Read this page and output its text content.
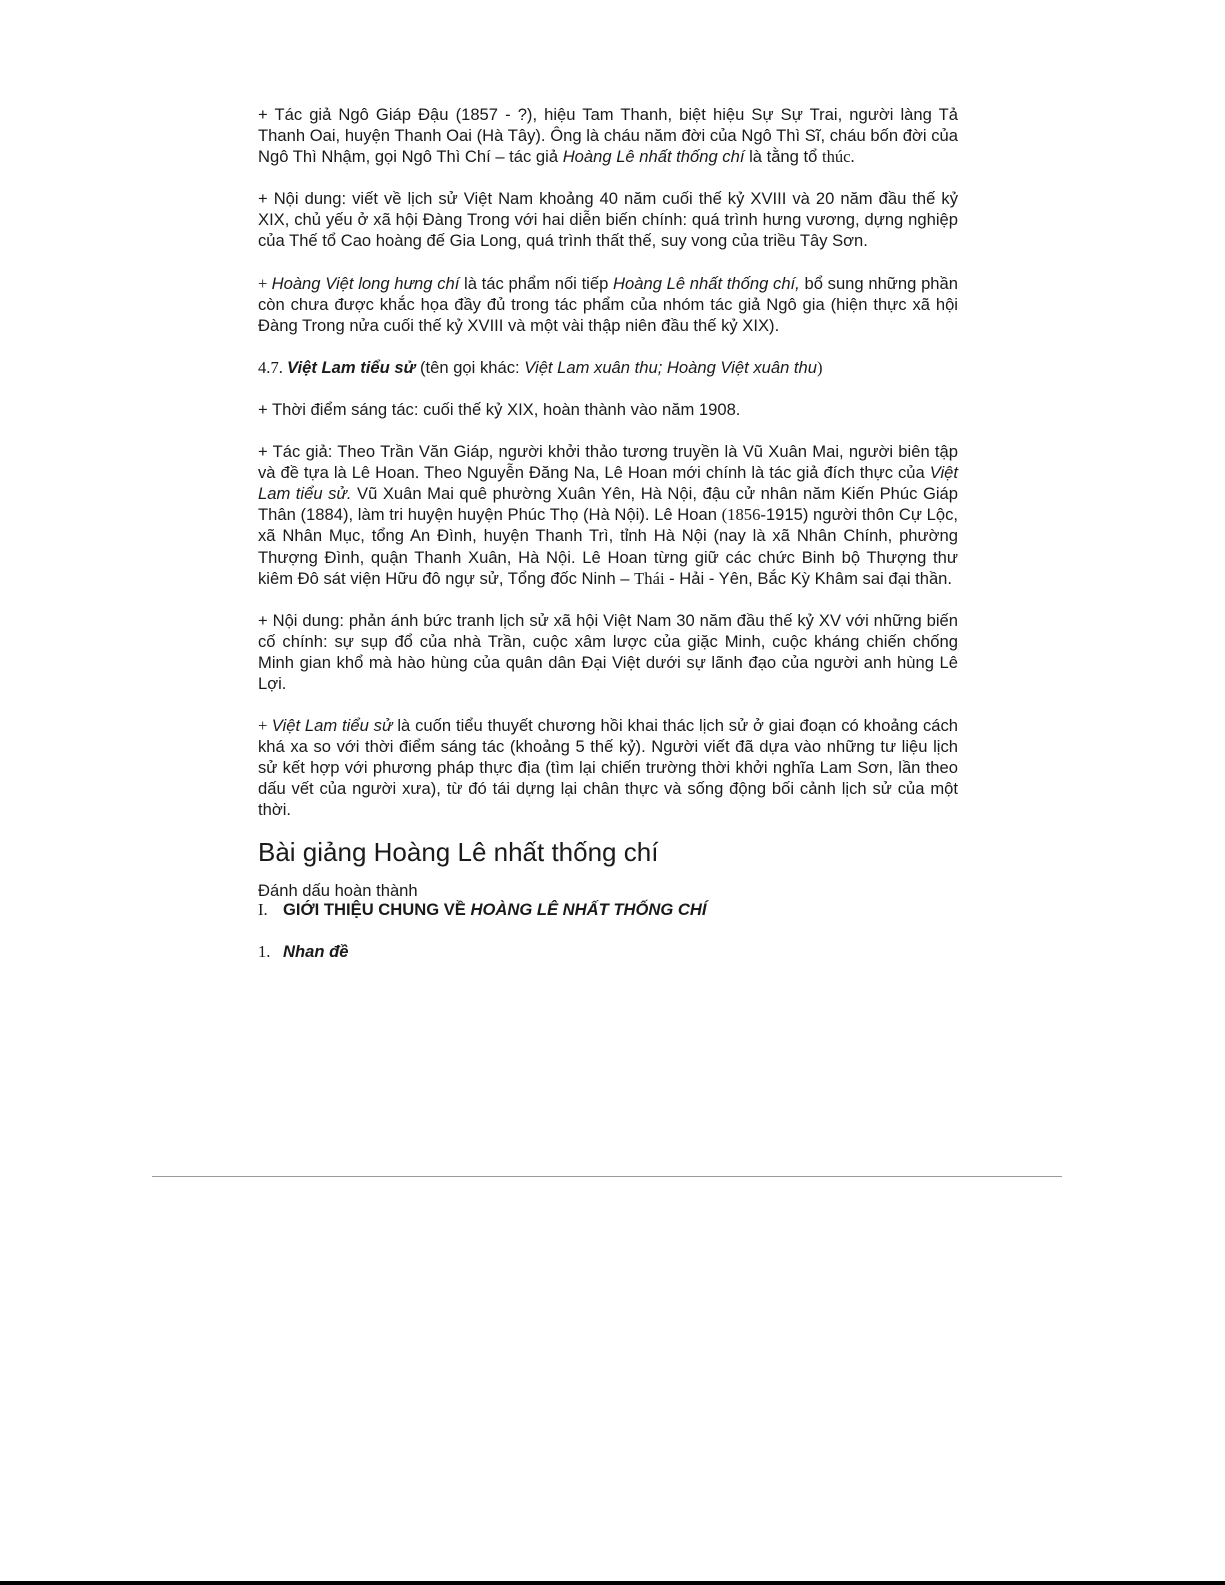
+ Tác giả Ngô Giáp Đậu (1857 - ?), hiệu Tam Thanh, biệt hiệu Sự Sự Trai, người làng Tả Thanh Oai, huyện Thanh Oai (Hà Tây). Ông là cháu năm đời của Ngô Thì Sĩ, cháu bốn đời của Ngô Thì Nhậm, gọi Ngô Thì Chí – tác giả Hoàng Lê nhất thống chí là tằng tổ thúc.

+ Nội dung: viết về lịch sử Việt Nam khoảng 40 năm cuối thế kỷ XVIII và 20 năm đầu thế kỷ XIX, chủ yếu ở xã hội Đàng Trong với hai diễn biến chính: quá trình hưng vương, dựng nghiệp của Thế tổ Cao hoàng đế Gia Long, quá trình thất thế, suy vong của triều Tây Sơn.

+ Hoàng Việt long hưng chí là tác phẩm nối tiếp Hoàng Lê nhất thống chí, bổ sung những phần còn chưa được khắc họa đầy đủ trong tác phẩm của nhóm tác giả Ngô gia (hiện thực xã hội Đàng Trong nửa cuối thế kỷ XVIII và một vài thập niên đầu thế kỷ XIX).

4.7. Việt Lam tiểu sử (tên gọi khác: Việt Lam xuân thu; Hoàng Việt xuân thu)

+ Thời điểm sáng tác: cuối thế kỷ XIX, hoàn thành vào năm 1908.

+ Tác giả: Theo Trần Văn Giáp, người khởi thảo tương truyền là Vũ Xuân Mai, người biên tập và đề tựa là Lê Hoan. Theo Nguyễn Đăng Na, Lê Hoan mới chính là tác giả đích thực của Việt Lam tiểu sử. Vũ Xuân Mai quê phường Xuân Yên, Hà Nội, đậu cử nhân năm Kiến Phúc Giáp Thân (1884), làm tri huyện huyện Phúc Thọ (Hà Nội). Lê Hoan (1856-1915) người thôn Cự Lộc, xã Nhân Mục, tổng An Đình, huyện Thanh Trì, tỉnh Hà Nội (nay là xã Nhân Chính, phường Thượng Đình, quận Thanh Xuân, Hà Nội. Lê Hoan từng giữ các chức Binh bộ Thượng thư kiêm Đô sát viện Hữu đô ngự sử, Tổng đốc Ninh – Thái - Hải - Yên, Bắc Kỳ Khâm sai đại thần.

+ Nội dung: phản ánh bức tranh lịch sử xã hội Việt Nam 30 năm đầu thế kỷ XV với những biến cố chính: sự sụp đổ của nhà Trần, cuộc xâm lược của giặc Minh, cuộc kháng chiến chống Minh gian khổ mà hào hùng của quân dân Đại Việt dưới sự lãnh đạo của người anh hùng Lê Lợi.

+ Việt Lam tiểu sử là cuốn tiểu thuyết chương hồi khai thác lịch sử ở giai đoạn có khoảng cách khá xa so với thời điểm sáng tác (khoảng 5 thế kỷ). Người viết đã dựa vào những tư liệu lịch sử kết hợp với phương pháp thực địa (tìm lại chiến trường thời khởi nghĩa Lam Sơn, lần theo dấu vết của người xưa), từ đó tái dựng lại chân thực và sống động bối cảnh lịch sử của một thời.

Bài giảng Hoàng Lê nhất thống chí

Đánh dấu hoàn thành

I. GIỚI THIỆU CHUNG VỀ HOÀNG LÊ NHẤT THỐNG CHÍ

1. Nhan đề
